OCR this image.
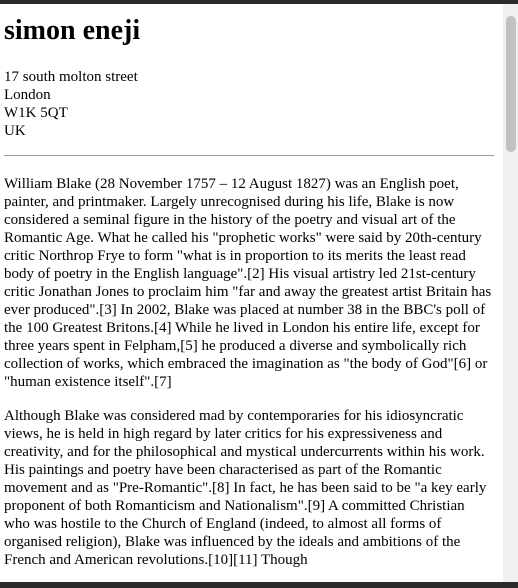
simon eneji
17 south molton street
London
W1K 5QT
UK

William Blake (28 November 1757 – 12 August 1827) was an English poet, painter, and printmaker. Largely unrecognised during his life, Blake is now considered a seminal figure in the history of the poetry and visual art of the Romantic Age. What he called his "prophetic works" were said by 20th-century critic Northrop Frye to form "what is in proportion to its merits the least read body of poetry in the English language".[2] His visual artistry led 21st-century critic Jonathan Jones to proclaim him "far and away the greatest artist Britain has ever produced".[3] In 2002, Blake was placed at number 38 in the BBC's poll of the 100 Greatest Britons.[4] While he lived in London his entire life, except for three years spent in Felpham,[5] he produced a diverse and symbolically rich collection of works, which embraced the imagination as "the body of God"[6] or "human existence itself".[7]

Although Blake was considered mad by contemporaries for his idiosyncratic views, he is held in high regard by later critics for his expressiveness and creativity, and for the philosophical and mystical undercurrents within his work. His paintings and poetry have been characterised as part of the Romantic movement and as "Pre-Romantic".[8] In fact, he has been said to be "a key early proponent of both Romanticism and Nationalism".[9] A committed Christian who was hostile to the Church of England (indeed, to almost all forms of organised religion), Blake was influenced by the ideals and ambitions of the French and American revolutions.[10][11] Though
